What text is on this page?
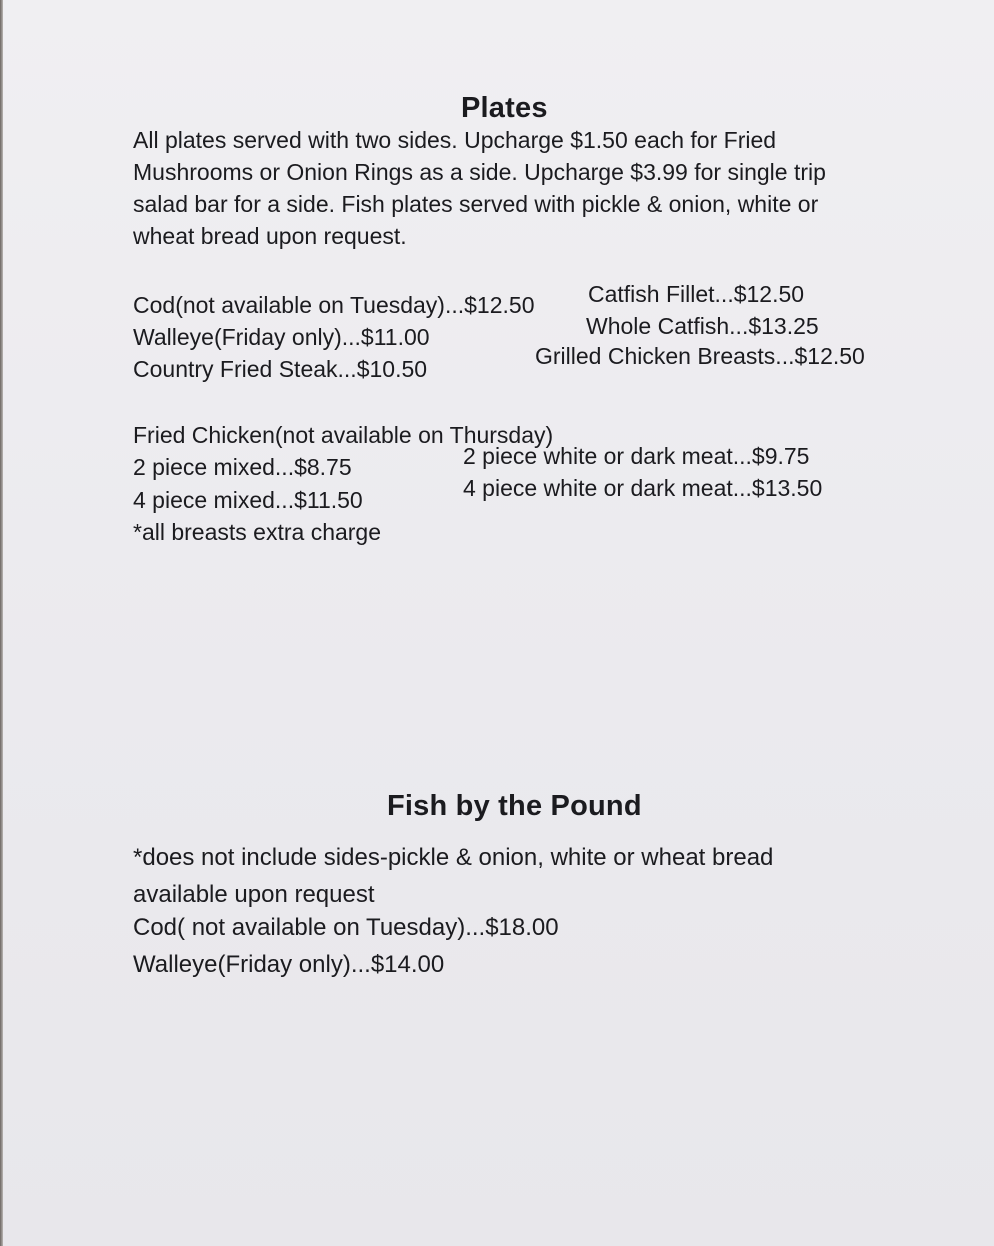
Plates
All plates served with two sides. Upcharge $1.50 each for Fried
Mushrooms or Onion Rings as a side. Upcharge $3.99 for single trip
salad bar for a side. Fish plates served with pickle & onion, white or
wheat bread upon request.
Cod(not available on Tuesday)...$12.50
Walleye(Friday only)...$11.00
Country Fried Steak...$10.50
Catfish Fillet...$12.50
Whole Catfish...$13.25
Grilled Chicken Breasts...$12.50
Fried Chicken(not available on Thursday)
2 piece mixed...$8.75
4 piece mixed...$11.50
*all breasts extra charge
2 piece white or dark meat...$9.75
4 piece white or dark meat...$13.50
Fish by the Pound
*does not include sides-pickle & onion, white or wheat bread
available upon request
Cod( not available on Tuesday)...$18.00
Walleye(Friday only)...$14.00
